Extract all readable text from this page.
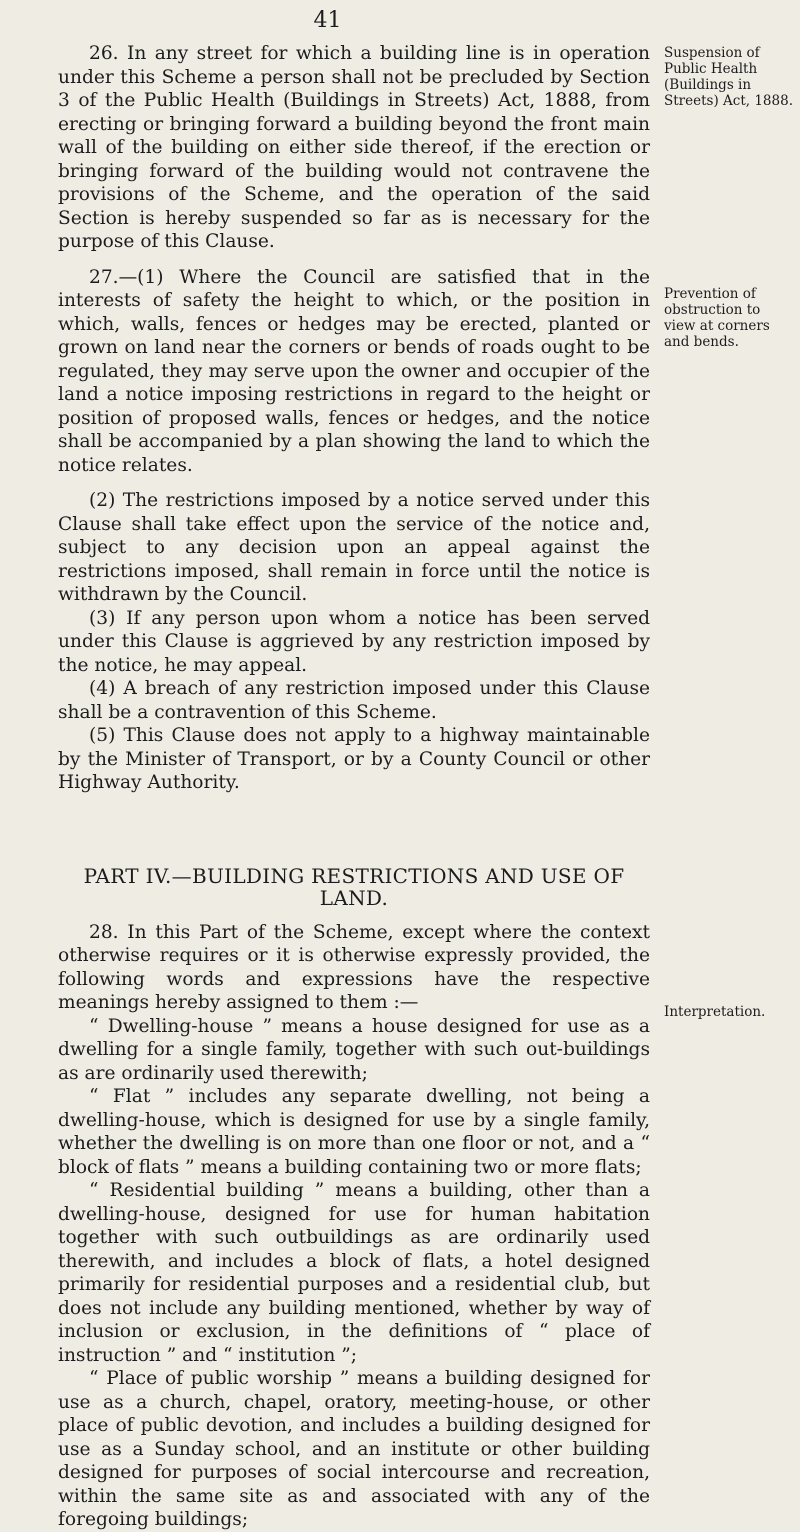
41

26. In any street for which a building line is in operation under this Scheme a person shall not be precluded by Section 3 of the Public Health (Buildings in Streets) Act, 1888, from erecting or bringing forward a building beyond the front main wall of the building on either side thereof, if the erection or bringing forward of the building would not contravene the provisions of the Scheme, and the operation of the said Section is hereby suspended so far as is necessary for the purpose of this Clause.

27.—(1) Where the Council are satisfied that in the interests of safety the height to which, or the position in which, walls, fences or hedges may be erected, planted or grown on land near the corners or bends of roads ought to be regulated, they may serve upon the owner and occupier of the land a notice imposing restrictions in regard to the height or position of proposed walls, fences or hedges, and the notice shall be accompanied by a plan showing the land to which the notice relates.

(2) The restrictions imposed by a notice served under this Clause shall take effect upon the service of the notice and, subject to any decision upon an appeal against the restrictions imposed, shall remain in force until the notice is withdrawn by the Council.

(3) If any person upon whom a notice has been served under this Clause is aggrieved by any restriction imposed by the notice, he may appeal.

(4) A breach of any restriction imposed under this Clause shall be a contravention of this Scheme.

(5) This Clause does not apply to a highway maintainable by the Minister of Transport, or by a County Council or other Highway Authority.

PART IV.—BUILDING RESTRICTIONS AND USE OF LAND.

28. In this Part of the Scheme, except where the context otherwise requires or it is otherwise expressly provided, the following words and expressions have the respective meanings hereby assigned to them :—

“ Dwelling-house ” means a house designed for use as a dwelling for a single family, together with such out-buildings as are ordinarily used therewith;

“ Flat ” includes any separate dwelling, not being a dwelling-house, which is designed for use by a single family, whether the dwelling is on more than one floor or not, and a “ block of flats ” means a building containing two or more flats;

“ Residential building ” means a building, other than a dwelling-house, designed for use for human habitation together with such outbuildings as are ordinarily used therewith, and includes a block of flats, a hotel designed primarily for residential purposes and a residential club, but does not include any building mentioned, whether by way of inclusion or exclusion, in the definitions of “ place of instruction ” and “ institution ”;

“ Place of public worship ” means a building designed for use as a church, chapel, oratory, meeting-house, or other place of public devotion, and includes a building designed for use as a Sunday school, and an institute or other building designed for purposes of social intercourse and recreation, within the same site as and associated with any of the foregoing buildings;

Suspension of Public Health (Buildings in Streets) Act, 1888.
Prevention of obstruction to view at corners and bends.
Interpretation.
